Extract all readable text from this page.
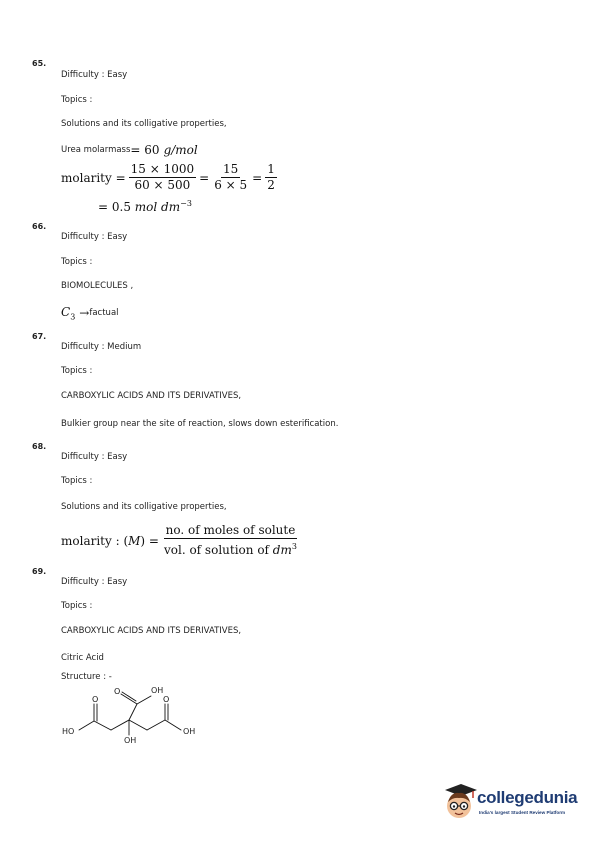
65.
Difficulty : Easy
Topics :
Solutions and its colligative properties,
Urea molarmass = 60 g/mol
molarity = $\frac{15 \times 1000}{60 \times 500} = \frac{15}{6 \times 5} = \frac{1}{2}$
= 0.5 mol $dm^{-3}$
66.
Difficulty : Easy
Topics :
BIOMOLECULES ,
$C_3$ → factual
67.
Difficulty : Medium
Topics :
CARBOXYLIC ACIDS AND ITS DERIVATIVES,
Bulkier group near the site of reaction, slows down esterification.
68.
Difficulty : Easy
Topics :
Solutions and its colligative properties,
molarity : $(M) = \frac{\text{no. of moles of solute}}{vol. of solution of dm^3}$
69.
Difficulty : Easy
Topics :
CARBOXYLIC ACIDS AND ITS DERIVATIVES,
Citric Acid
Structure : -
O
O
O
OH
HO	OH
OH
collegedunia
India's largest Student Review Platform
